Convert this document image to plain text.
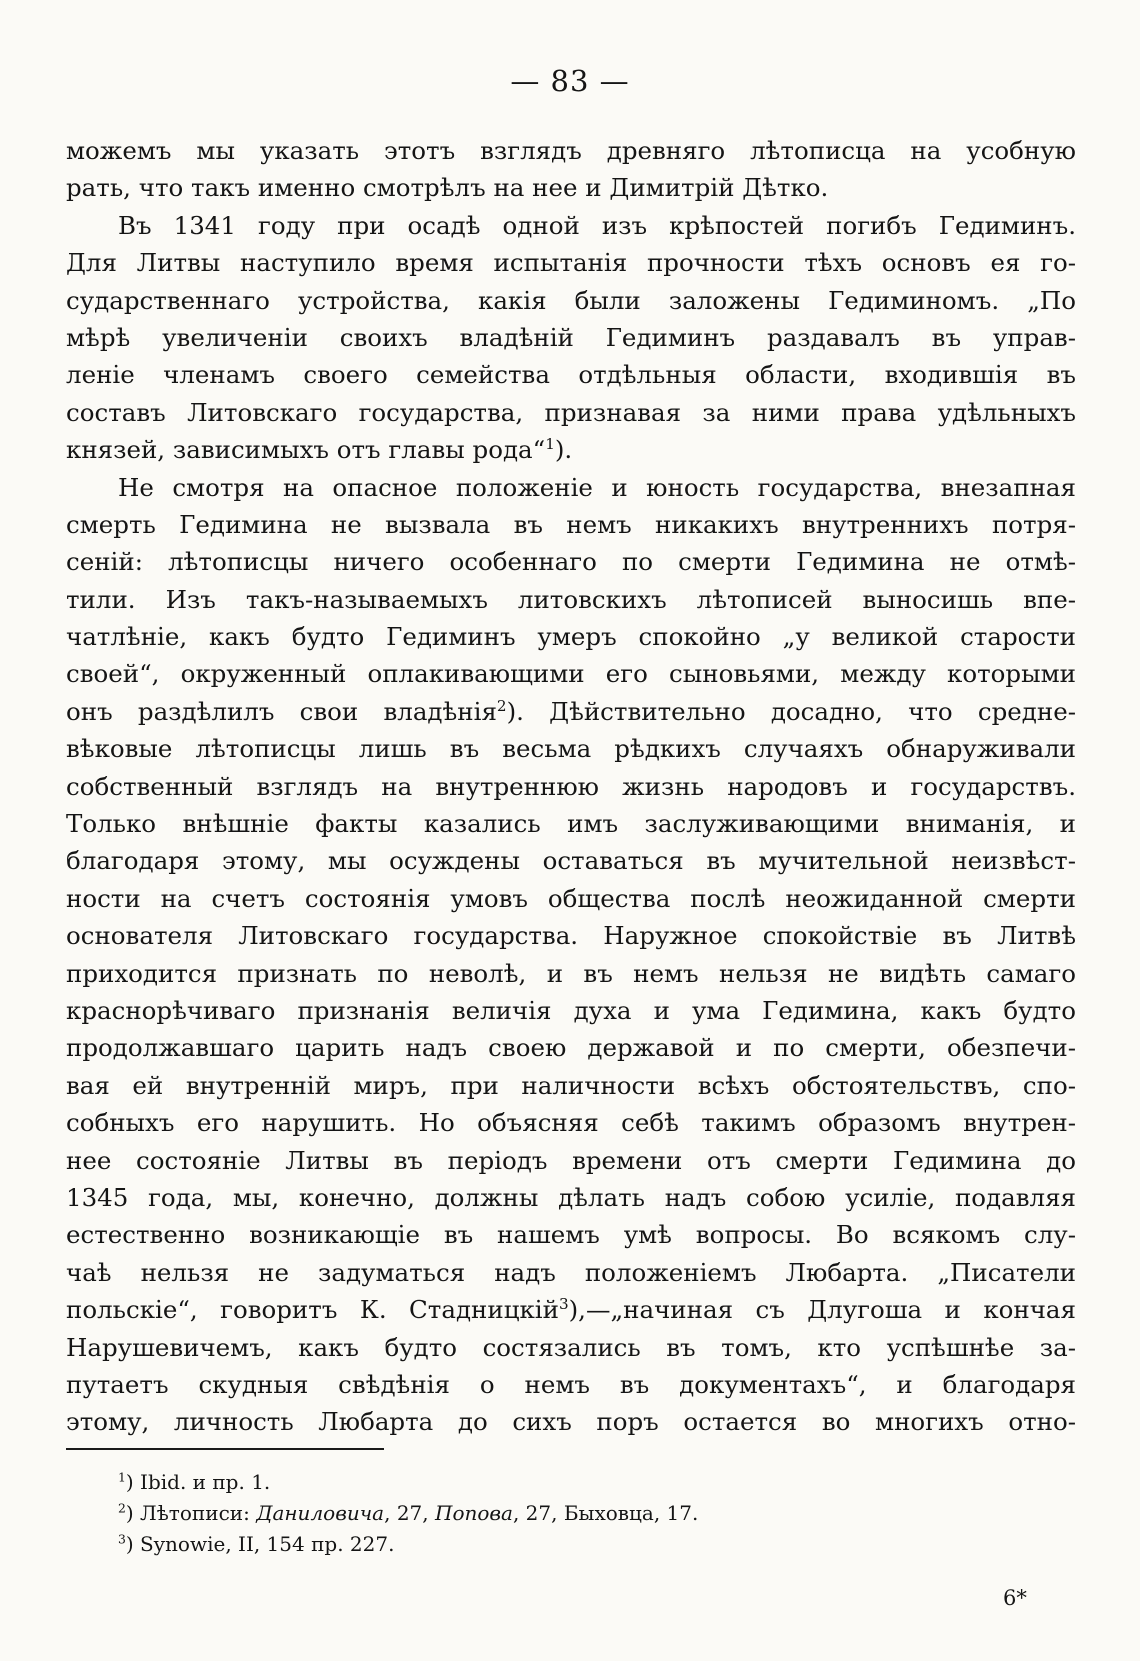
— 83 —
можемъ мы указать этотъ взглядъ древняго лѣтописца на усобную
рать, что такъ именно смотрѣлъ на нее и Димитрій Дѣтко.
Въ 1341 году при осадѣ одной изъ крѣпостей погибъ Гедиминъ.
Для Литвы наступило время испытанія прочности тѣхъ основъ ея го-
сударственнаго устройства, какія были заложены Гедиминомъ. „По
мѣрѣ увеличеніи своихъ владѣній Гедиминъ раздавалъ въ управ-
леніе членамъ своего семейства отдѣльныя области, входившія въ
составъ Литовскаго государства, признавая за ними права удѣльныхъ
князей, зависимыхъ отъ главы рода“$^1$).
Не смотря на опасное положеніе и юность государства, внезапная
смерть Гедимина не вызвала въ немъ никакихъ внутреннихъ потря-
сеній: лѣтописцы ничего особеннаго по смерти Гедимина не отмѣ-
тили. Изъ такъ-называемыхъ литовскихъ лѣтописей выносишь впе-
чатлѣніе, какъ будто Гедиминъ умеръ спокойно „у великой старости
своей“, окруженный оплакивающими его сыновьями, между которыми
онъ раздѣлилъ свои владѣнія$^2$). Дѣйствительно досадно, что средне-
вѣковые лѣтописцы лишь въ весьма рѣдкихъ случаяхъ обнаруживали
собственный взглядъ на внутреннюю жизнь народовъ и государствъ.
Только внѣшніе факты казались имъ заслуживающими вниманія, и
благодаря этому, мы осуждены оставаться въ мучительной неизвѣст-
ности на счетъ состоянія умовъ общества послѣ неожиданной смерти
основателя Литовскаго государства. Наружное спокойствіе въ Литвѣ
приходится признать по неволѣ, и въ немъ нельзя не видѣть самаго
краснорѣчиваго признанія величія духа и ума Гедимина, какъ будто
продолжавшаго царить надъ своею державой и по смерти, обезпечи-
вая ей внутренній миръ, при наличности всѣхъ обстоятельствъ, спо-
собныхъ его нарушить. Но объясняя себѣ такимъ образомъ внутрен-
нее состояніе Литвы въ періодъ времени отъ смерти Гедимина до
1345 года, мы, конечно, должны дѣлать надъ собою усиліе, подавляя
естественно возникающіе въ нашемъ умѣ вопросы. Во всякомъ слу-
чаѣ нельзя не задуматься надъ положеніемъ Любарта. „Писатели
польскіе“, говоритъ К. Стадницкій$^3$),—„начиная съ Длугоша и кончая
Нарушевичемъ, какъ будто состязались въ томъ, кто успѣшнѣе за-
путаетъ скудныя свѣдѣнія о немъ въ документахъ“, и благодаря
этому, личность Любарта до сихъ поръ остается во многихъ отно-
$^1$) Ibid. и пр. 1.
$^2$) Лѣтописи: Даниловича, 27, Попова, 27, Быховца, 17.
$^3$) Synowie, II, 154 пр. 227.
6*
